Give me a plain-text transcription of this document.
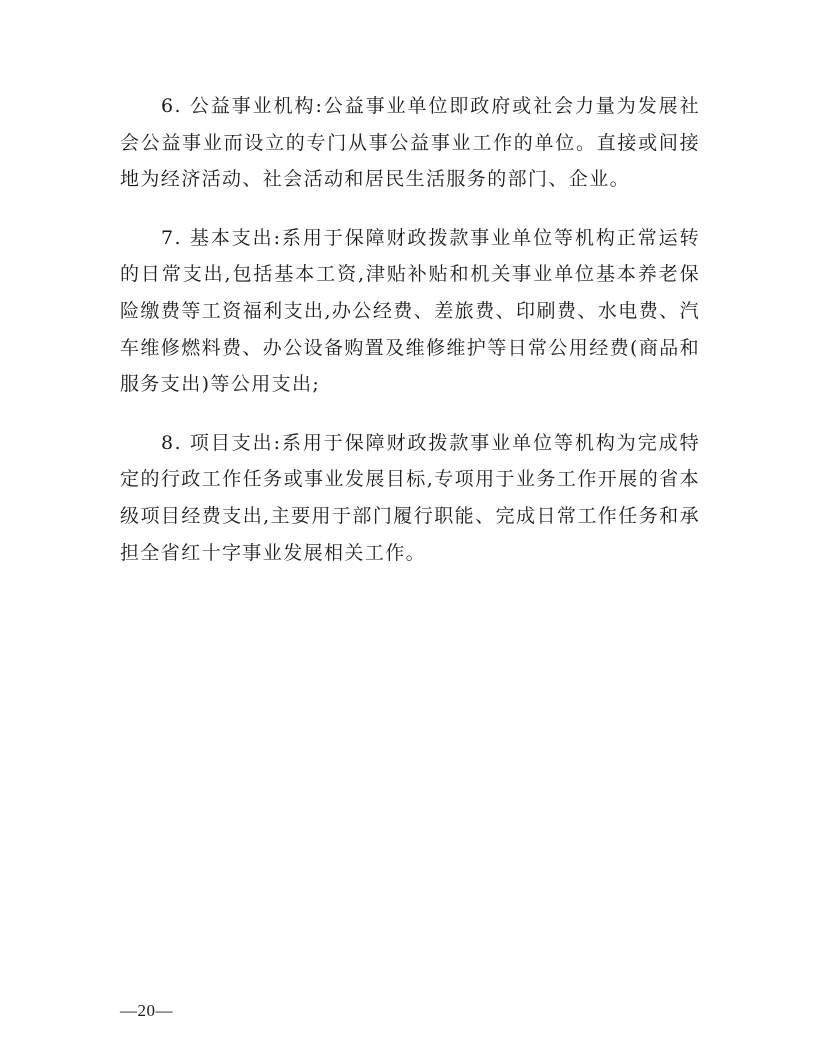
6. 公益事业机构:公益事业单位即政府或社会力量为发展社会公益事业而设立的专门从事公益事业工作的单位。直接或间接地为经济活动、社会活动和居民生活服务的部门、企业。

7. 基本支出:系用于保障财政拨款事业单位等机构正常运转的日常支出,包括基本工资,津贴补贴和机关事业单位基本养老保险缴费等工资福利支出,办公经费、差旅费、印刷费、水电费、汽车维修燃料费、办公设备购置及维修维护等日常公用经费(商品和服务支出)等公用支出;

8. 项目支出:系用于保障财政拨款事业单位等机构为完成特定的行政工作任务或事业发展目标,专项用于业务工作开展的省本级项目经费支出,主要用于部门履行职能、完成日常工作任务和承担全省红十字事业发展相关工作。

—20—
